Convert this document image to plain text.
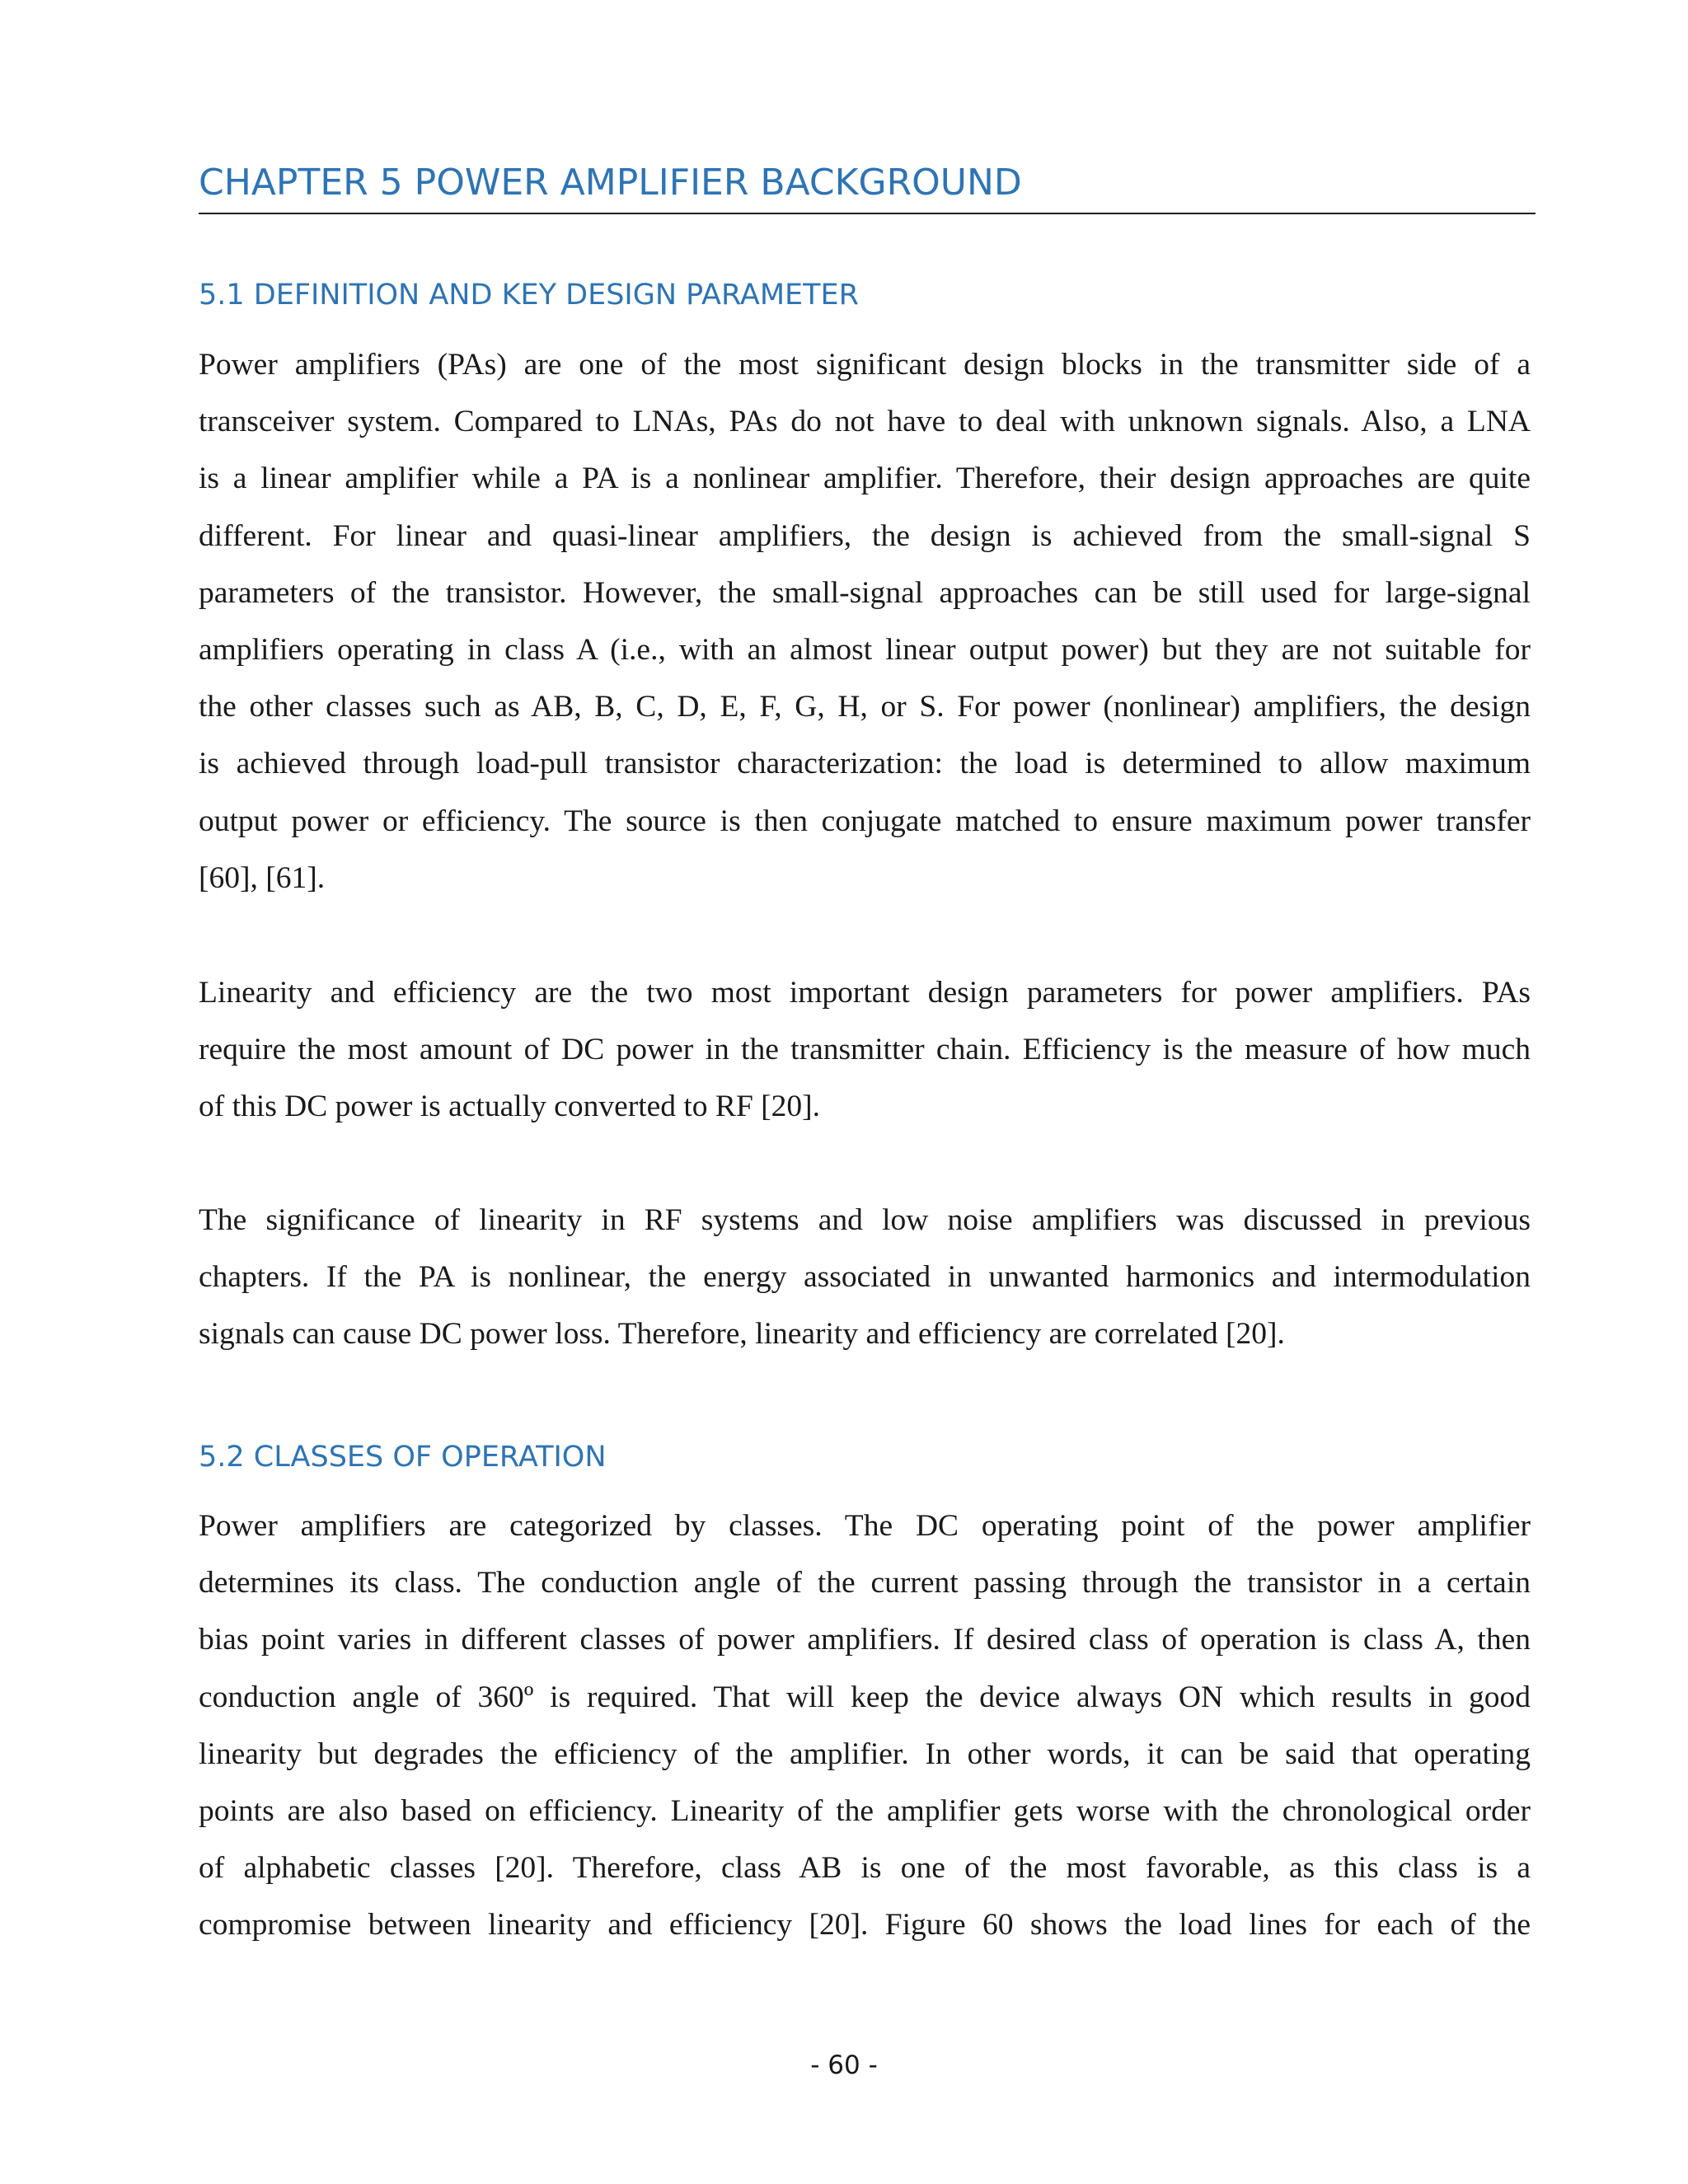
CHAPTER 5 POWER AMPLIFIER BACKGROUND
5.1 DEFINITION AND KEY DESIGN PARAMETER
Power amplifiers (PAs) are one of the most significant design blocks in the transmitter side of a
transceiver system. Compared to LNAs, PAs do not have to deal with unknown signals. Also, a LNA
is a linear amplifier while a PA is a nonlinear amplifier. Therefore, their design approaches are quite
different. For linear and quasi-linear amplifiers, the design is achieved from the small-signal S
parameters of the transistor. However, the small-signal approaches can be still used for large-signal
amplifiers operating in class A (i.e., with an almost linear output power) but they are not suitable for
the other classes such as AB, B, C, D, E, F, G, H, or S. For power (nonlinear) amplifiers, the design
is achieved through load-pull transistor characterization: the load is determined to allow maximum
output power or efficiency. The source is then conjugate matched to ensure maximum power transfer
[60], [61].
Linearity and efficiency are the two most important design parameters for power amplifiers. PAs
require the most amount of DC power in the transmitter chain. Efficiency is the measure of how much
of this DC power is actually converted to RF [20].
The significance of linearity in RF systems and low noise amplifiers was discussed in previous
chapters. If the PA is nonlinear, the energy associated in unwanted harmonics and intermodulation
signals can cause DC power loss. Therefore, linearity and efficiency are correlated [20].
5.2 CLASSES OF OPERATION
Power amplifiers are categorized by classes. The DC operating point of the power amplifier
determines its class. The conduction angle of the current passing through the transistor in a certain
bias point varies in different classes of power amplifiers. If desired class of operation is class A, then
conduction angle of 360º is required. That will keep the device always ON which results in good
linearity but degrades the efficiency of the amplifier. In other words, it can be said that operating
points are also based on efficiency. Linearity of the amplifier gets worse with the chronological order
of alphabetic classes [20]. Therefore, class AB is one of the most favorable, as this class is a
compromise between linearity and efficiency [20]. Figure 60 shows the load lines for each of the
- 60 -
